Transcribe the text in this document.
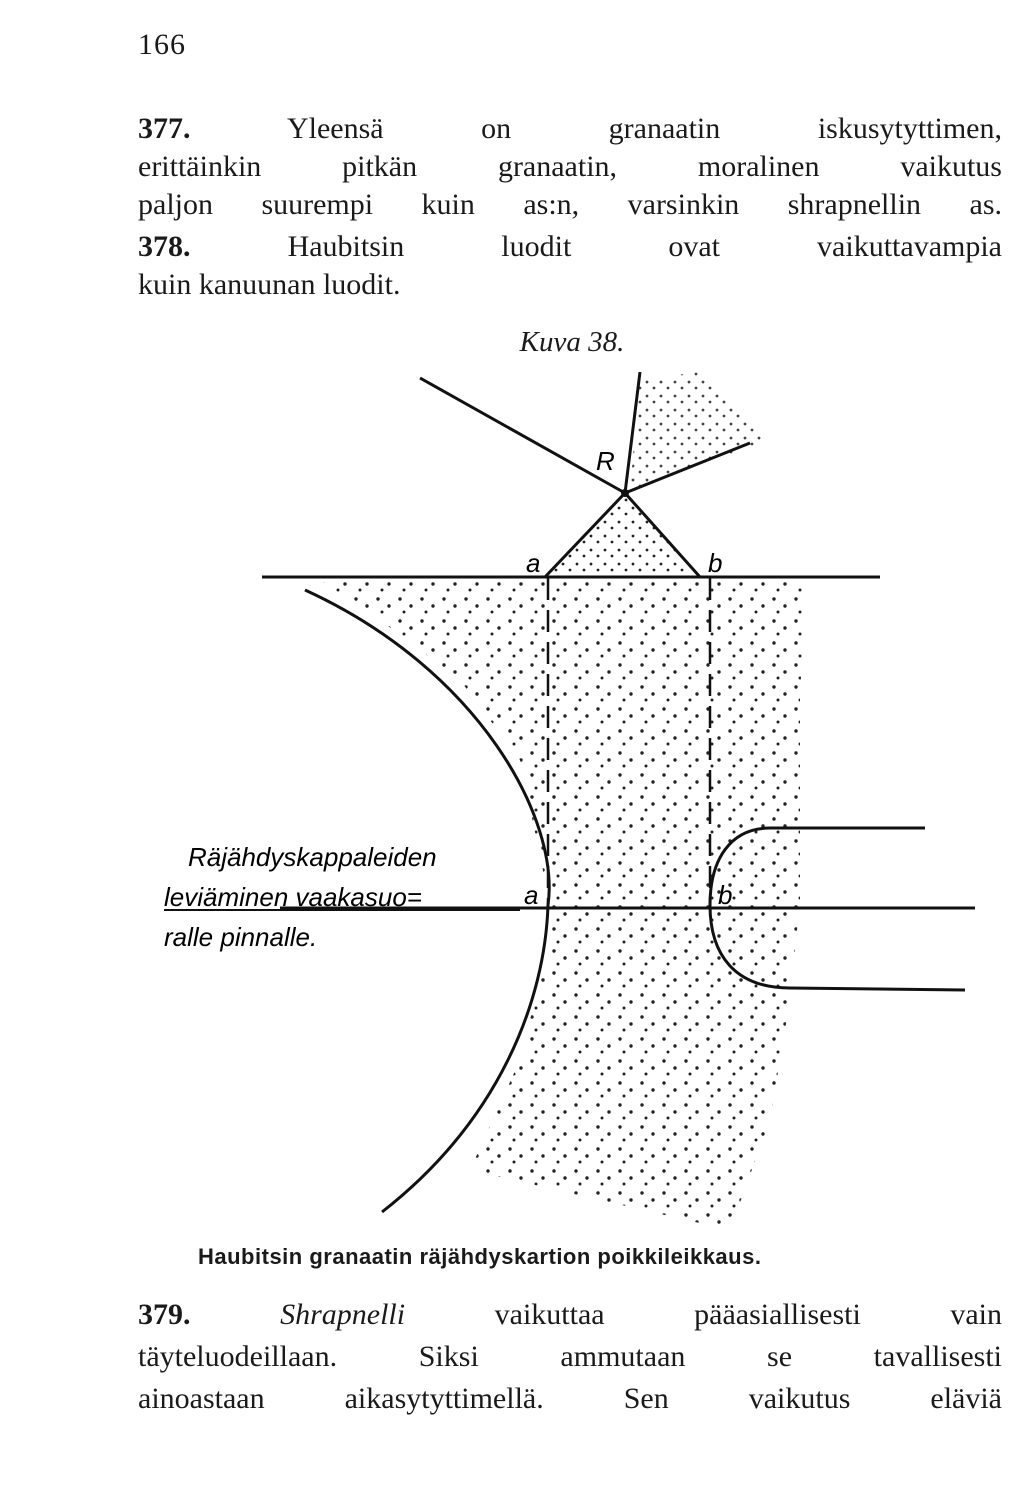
166

377.	Yleensä on granaatin iskusytyttimen,

erittäinkin pitkän granaatin, moralinen vaikutus

paljon suurempi kuin as:n, varsinkin shrapnellin as.

378.	Haubitsin luodit ovat vaikuttavampia

kuin kanuunan luodit.

Kuva 38.
R
a	b
a	b
Räjähdyskappaleiden
leviäminen vaakasuo=
ralle pinnalle.
Haubitsin granaatin räjähdyskartion poikkileikkaus.

379.	Shrapnelli	vaikuttaa pääasiallisesti vain

täyteluodeillaan. Siksi ammutaan se tavallisesti

ainoastaan aikasytyttimellä. Sen vaikutus eläviä
